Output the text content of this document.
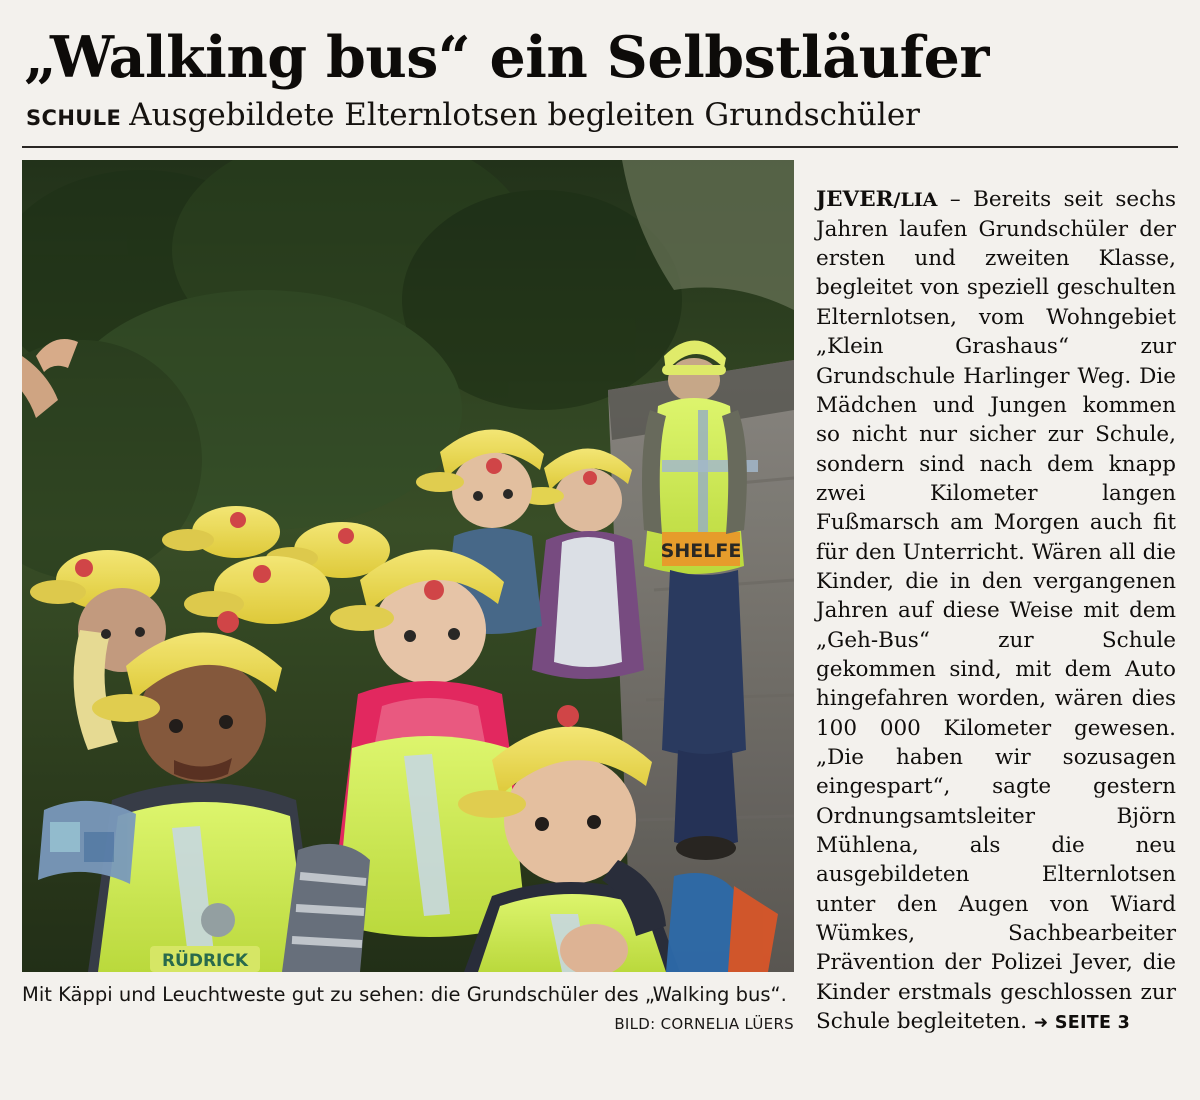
„Walking bus“ ein Selbstläufer
SCHULE Ausgebildete Elternlotsen begleiten Grundschüler
SHELFE
RÜDRICK
Mit Käppi und Leuchtweste gut zu sehen: die Grundschüler des „Walking bus“.
BILD: CORNELIA LÜERS

JEVER/LIA – Bereits seit sechs Jahren laufen Grundschüler der ersten und zweiten Klasse, begleitet von speziell geschulten Elternlotsen, vom Wohngebiet „Klein Grashaus“ zur Grundschule Harlinger Weg. Die Mädchen und Jungen kommen so nicht nur sicher zur Schule, sondern sind nach dem knapp zwei Kilometer langen Fußmarsch am Morgen auch fit für den Unterricht. Wären all die Kinder, die in den vergangenen Jahren auf diese Weise mit dem „Geh-Bus“ zur Schule gekommen sind, mit dem Auto hingefahren worden, wären dies 100 000 Kilometer gewesen. „Die haben wir sozusagen eingespart“, sagte gestern Ordnungsamtsleiter Björn Mühlena, als die neu ausgebildeten Elternlotsen unter den Augen von Wiard Wümkes, Sachbearbeiter Prävention der Polizei Jever, die Kinder erstmals geschlossen zur Schule begleiteten. ➜ SEITE 3
